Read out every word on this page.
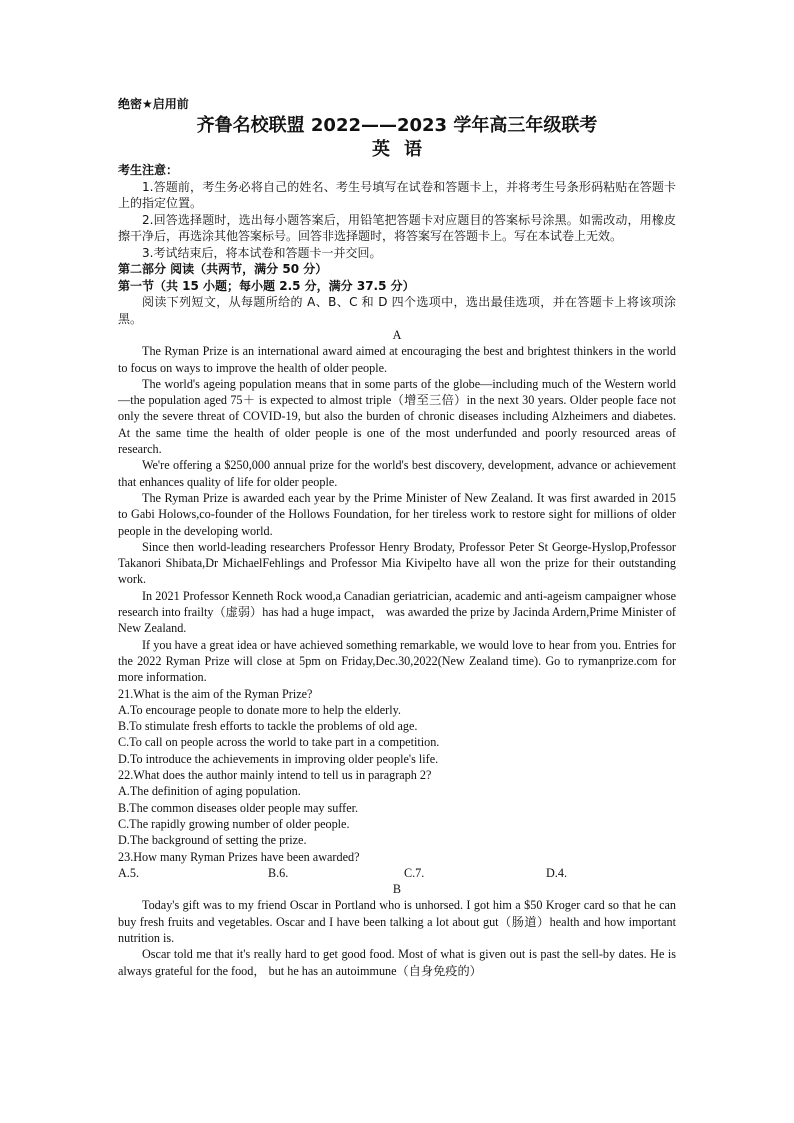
绝密★启用前
齐鲁名校联盟 2022——2023 学年高三年级联考
英语
考生注意：
1.答题前，考生务必将自己的姓名、考生号填写在试卷和答题卡上，并将考生号条形码粘贴在答题卡上的指定位置。
2.回答选择题时，选出每小题答案后，用铅笔把答题卡对应题目的答案标号涂黑。如需改动，用橡皮擦干净后，再选涂其他答案标号。回答非选择题时，将答案写在答题卡上。写在本试卷上无效。
3.考试结束后，将本试卷和答题卡一并交回。
第二部分 阅读（共两节，满分 50 分）
第一节（共 15 小题；每小题 2.5 分，满分 37.5 分）
阅读下列短文，从每题所给的 A、B、C 和 D 四个选项中，选出最佳选项，并在答题卡上将该项涂黑。
A
The Ryman Prize is an international award aimed at encouraging the best and brightest thinkers in the world to focus on ways to improve the health of older people.
The world's ageing population means that in some parts of the globe—including much of the Western world—the population aged 75＋ is expected to almost triple（增至三倍）in the next 30 years. Older people face not only the severe threat of COVID-19, but also the burden of chronic diseases including Alzheimers and diabetes. At the same time the health of older people is one of the most underfunded and poorly resourced areas of research.
We're offering a $250,000 annual prize for the world's best discovery, development, advance or achievement that enhances quality of life for older people.
The Ryman Prize is awarded each year by the Prime Minister of New Zealand. It was first awarded in 2015 to Gabi Holows,co-founder of the Hollows Foundation, for her tireless work to restore sight for millions of older people in the developing world.
Since then world-leading researchers Professor Henry Brodaty, Professor Peter St George-Hyslop,Professor Takanori Shibata,Dr MichaelFehlings and Professor Mia Kivipelto have all won the prize for their outstanding work.
In 2021 Professor Kenneth Rock wood,a Canadian geriatrician, academic and anti-ageism campaigner whose research into frailty（虚弱）has had a huge impact， was awarded the prize by Jacinda Ardern,Prime Minister of New Zealand.
If you have a great idea or have achieved something remarkable, we would love to hear from you. Entries for the 2022 Ryman Prize will close at 5pm on Friday,Dec.30,2022(New Zealand time). Go to rymanprize.com for more information.
21.What is the aim of the Ryman Prize?
A.To encourage people to donate more to help the elderly.
B.To stimulate fresh efforts to tackle the problems of old age.
C.To call on people across the world to take part in a competition.
D.To introduce the achievements in improving older people's life.
22.What does the author mainly intend to tell us in paragraph 2?
A.The definition of aging population.
B.The common diseases older people may suffer.
C.The rapidly growing number of older people.
D.The background of setting the prize.
23.How many Ryman Prizes have been awarded?
A.5.	B.6.	C.7.	D.4.
B
Today's gift was to my friend Oscar in Portland who is unhorsed. I got him a $50 Kroger card so that he can buy fresh fruits and vegetables. Oscar and I have been talking a lot about gut（肠道）health and how important nutrition is.
Oscar told me that it's really hard to get good food. Most of what is given out is past the sell-by dates. He is always grateful for the food， but he has an autoimmune（自身免疫的）
